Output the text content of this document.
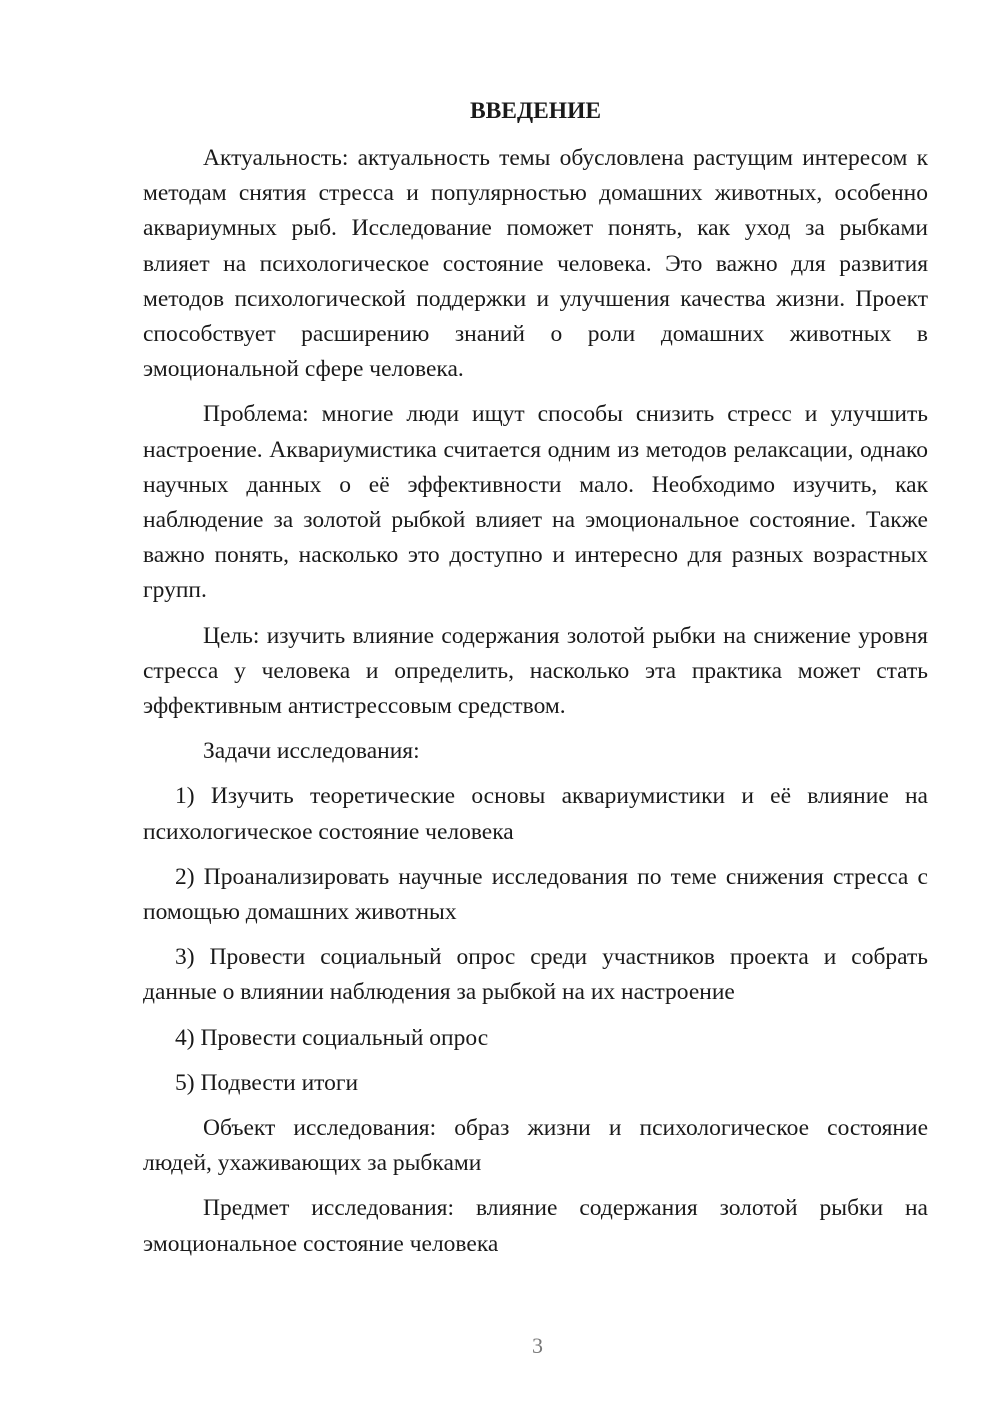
ВВЕДЕНИЕ

Актуальность: актуальность темы обусловлена растущим интересом к методам снятия стресса и популярностью домашних животных, особенно аквариумных рыб. Исследование поможет понять, как уход за рыбками влияет на психологическое состояние человека. Это важно для развития методов психологической поддержки и улучшения качества жизни. Проект способствует расширению знаний о роли домашних животных в эмоциональной сфере человека.

Проблема: многие люди ищут способы снизить стресс и улучшить настроение. Аквариумистика считается одним из методов релаксации, однако научных данных о её эффективности мало. Необходимо изучить, как наблюдение за золотой рыбкой влияет на эмоциональное состояние. Также важно понять, насколько это доступно и интересно для разных возрастных групп.

Цель: изучить влияние содержания золотой рыбки на снижение уровня стресса у человека и определить, насколько эта практика может стать эффективным антистрессовым средством.

Задачи исследования:

1) Изучить теоретические основы аквариумистики и её влияние на психологическое состояние человека

2) Проанализировать научные исследования по теме снижения стресса с помощью домашних животных

3) Провести социальный опрос среди участников проекта и собрать данные о влиянии наблюдения за рыбкой на их настроение

4) Провести социальный опрос

5) Подвести итоги

Объект исследования: образ жизни и психологическое состояние людей, ухаживающих за рыбками

Предмет исследования: влияние содержания золотой рыбки на эмоциональное состояние человека

3
